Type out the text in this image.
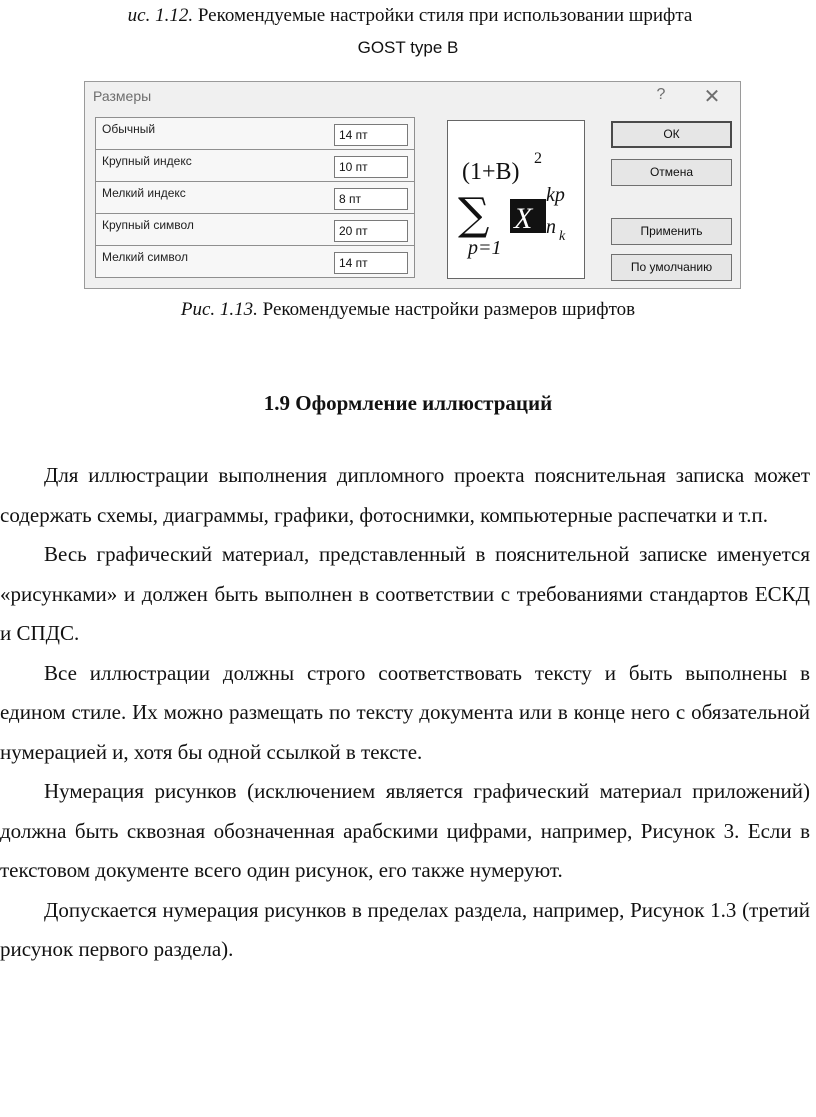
ис. 1.12. Рекомендуемые настройки стиля при использовании шрифта
GOST type B
Размеры	? ✕
Обычный
14 пт
Крупный индекс
10 пт
Мелкий индекс
8 пт
Крупный символ
20 пт
Мелкий символ
14 пт
(1+B)
2
∑ X
kp
n k
p=1
ОК
Отмена
Применить
По умолчанию
Рис. 1.13. Рекомендуемые настройки размеров шрифтов
1.9 Оформление иллюстраций

Для иллюстрации выполнения дипломного проекта пояснительная записка может содержать схемы, диаграммы, графики, фотоснимки, компьютерные распечатки и т.п.

Весь графический материал, представленный в пояснительной записке именуется «рисунками» и должен быть выполнен в соответствии с требованиями стандартов ЕСКД и СПДС.

Все иллюстрации должны строго соответствовать тексту и быть выполнены в едином стиле. Их можно размещать по тексту документа или в конце него с обязательной нумерацией и, хотя бы одной ссылкой в тексте.

Нумерация рисунков (исключением является графический материал приложений) должна быть сквозная обозначенная арабскими цифрами, например, Рисунок 3. Если в текстовом документе всего один рисунок, его также нумеруют.

Допускается нумерация рисунков в пределах раздела, например, Рисунок 1.3 (третий рисунок первого раздела).
